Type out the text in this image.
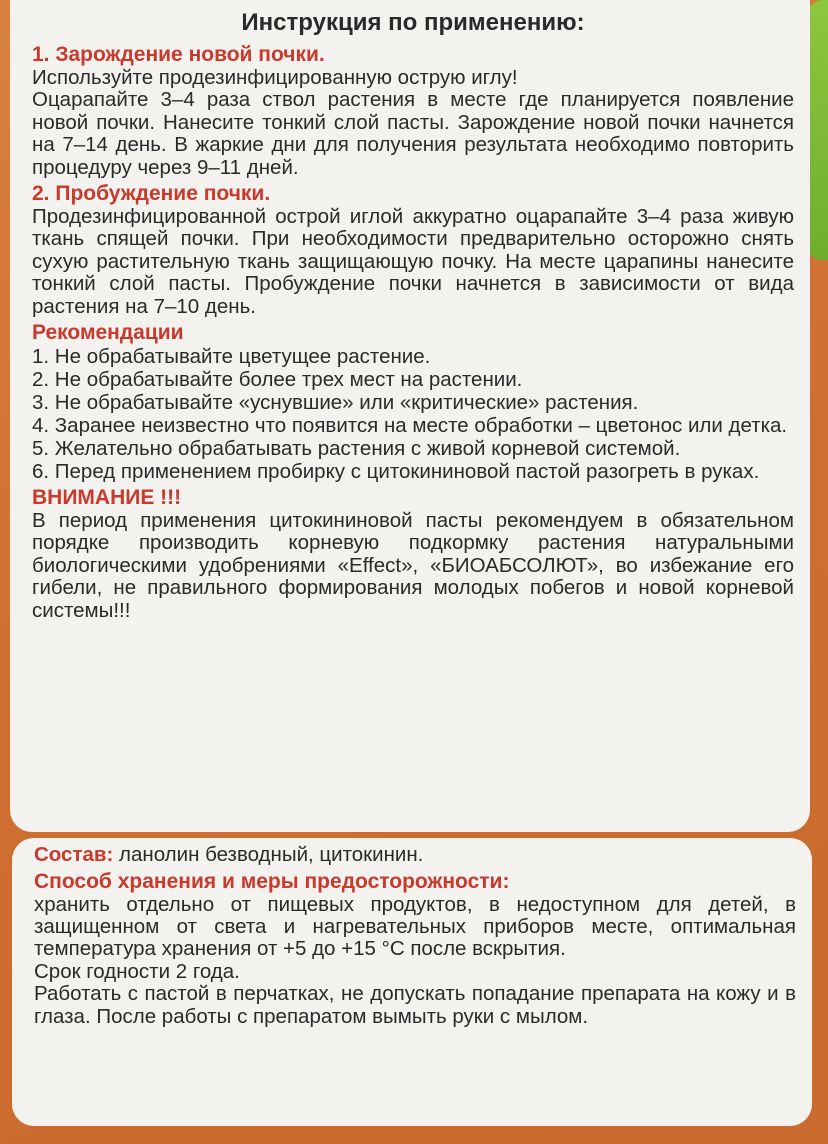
Инструкция по применению:

1. Зарождение новой почки.

Используйте продезинфицированную острую иглу!

Оцарапайте 3–4 раза ствол растения в месте где планируется появление новой почки. Нанесите тонкий слой пасты. Зарождение новой почки начнется на 7–14 день. В жаркие дни для получения результата необходимо повторить процедуру через 9–11 дней.

2. Пробуждение почки.

Продезинфицированной острой иглой аккуратно оцарапайте 3–4 раза живую ткань спящей почки. При необходимости предварительно осторожно снять сухую растительную ткань защищающую почку. На месте царапины нанесите тонкий слой пасты. Пробуждение почки начнется в зависимости от вида растения на 7–10 день.

Рекомендации

1. Не обрабатывайте цветущее растение.
2. Не обрабатывайте более трех мест на растении.
3. Не обрабатывайте «уснувшие» или «критические» растения.
4. Заранее неизвестно что появится на месте обработки – цветонос или детка.
5. Желательно обрабатывать растения с живой корневой системой.
6. Перед применением пробирку с цитокининовой пастой разогреть в руках.

ВНИМАНИЕ !!!

В период применения цитокининовой пасты рекомендуем в обязательном порядке производить корневую подкормку растения натуральными биологическими удобрениями «Effect», «БИОАБСОЛЮТ», во избежание его гибели, не правильного формирования молодых побегов и новой корневой системы!!!

Состав: ланолин безводный, цитокинин.

Способ хранения и меры предосторожности:

хранить отдельно от пищевых продуктов, в недоступном для детей, в защищенном от света и нагревательных приборов месте, оптимальная температура хранения от +5 до +15 °С после вскрытия.

Срок годности 2 года.

Работать с пастой в перчатках, не допускать попадание препарата на кожу и в глаза. После работы с препаратом вымыть руки с мылом.
